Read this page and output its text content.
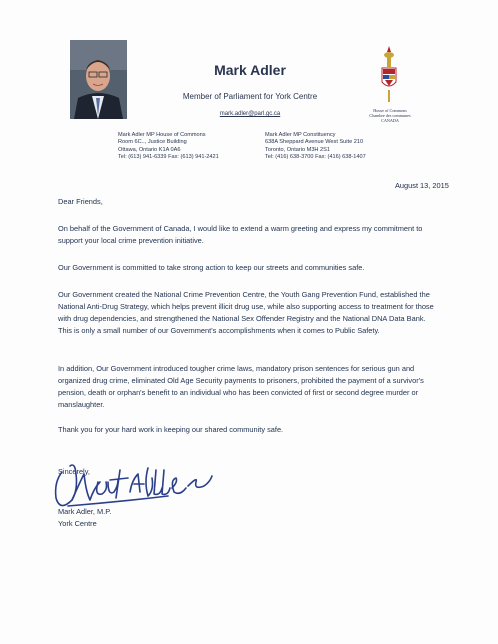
Mark Adler
Member of Parliament for York Centre
mark.adler@parl.gc.ca
House of Commons
Chambre des communes
CANADA
Mark Adler MP House of Commons
Room 6C.., Justice Building
Ottawa, Ontario K1A 0A6
Tel: (613) 941-6339 Fax: (613) 941-2421
Mark Adler MP Constituency
638A Sheppard Avenue West Suite 210
Toronto, Ontario M3H 2S1
Tel: (416) 638-3700 Fax: (416) 638-1407
August 13, 2015
Dear Friends,
On behalf of the Government of Canada, I would like to extend a warm greeting and express my commitment to support your local crime prevention initiative.
Our Government is committed to take strong action to keep our streets and communities safe.
Our Government created the National Crime Prevention Centre, the Youth Gang Prevention Fund, established the National Anti-Drug Strategy, which helps prevent illicit drug use, while also supporting access to treatment for those with drug dependencies, and strengthened the National Sex Offender Registry and the National DNA Data Bank. This is only a small number of our Government's accomplishments when it comes to Public Safety.
In addition, Our Government introduced tougher crime laws, mandatory prison sentences for serious gun and organized drug crime, eliminated Old Age Security payments to prisoners, prohibited the payment of a survivor's pension, death or orphan's benefit to an individual who has been convicted of first or second degree murder or manslaughter.
Thank you for your hard work in keeping our shared community safe.
Sincerely,
Mark Adler, M.P.
York Centre
